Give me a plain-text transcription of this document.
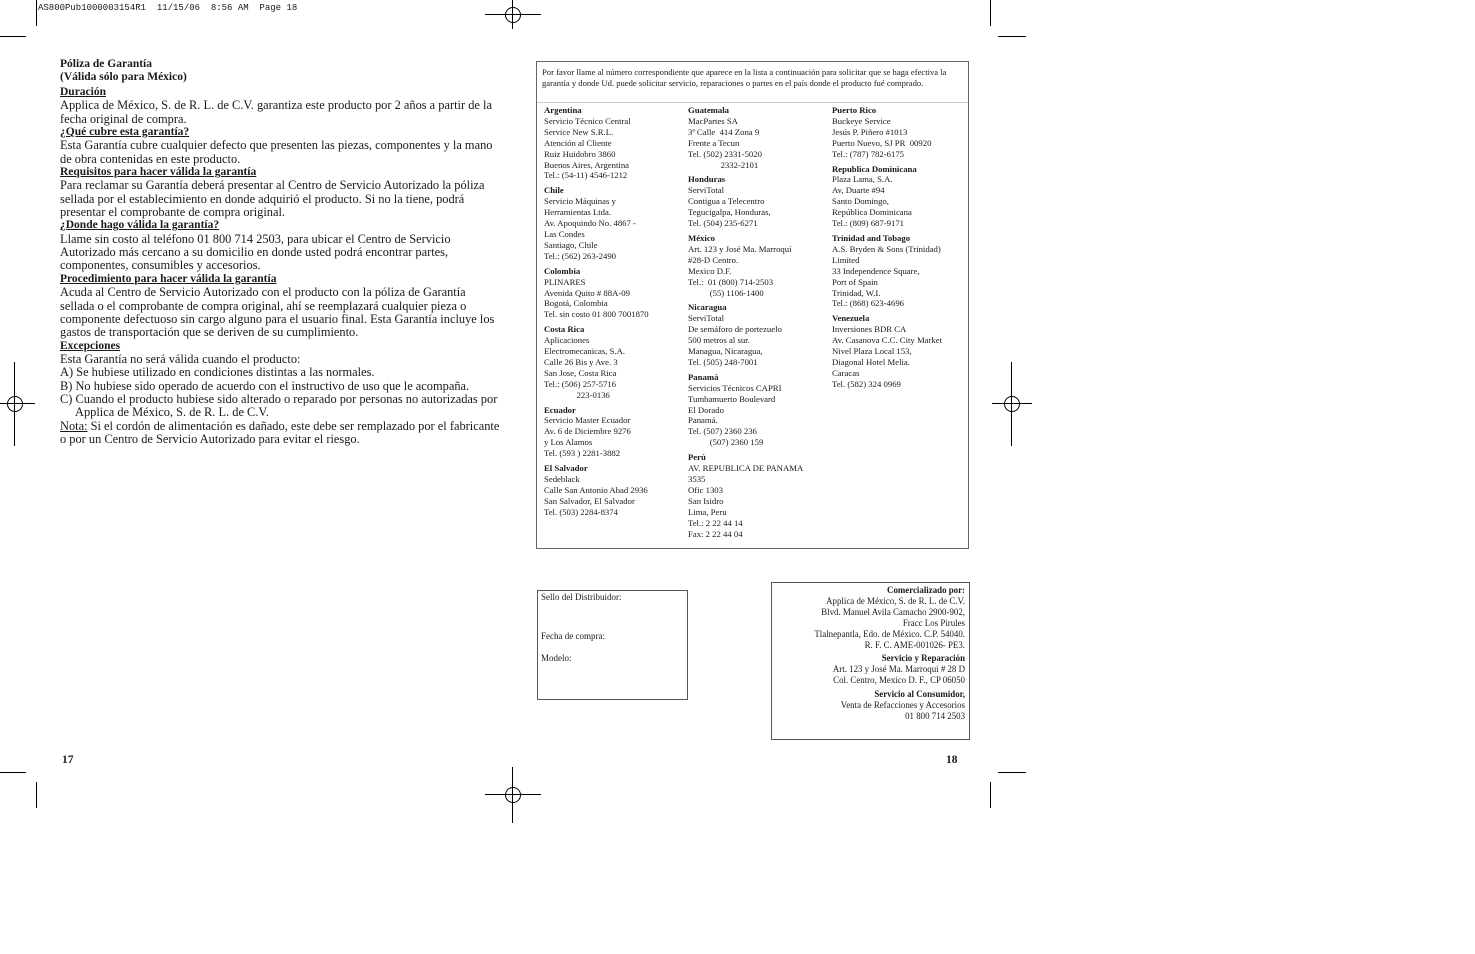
AS800Pub1000003154R1  11/15/06  8:56 AM  Page 18
Póliza de Garantía
(Válida sólo para México)
Duración

Applica de México, S. de R. L. de C.V. garantiza este producto por 2 años a partir de la fecha original de compra.

¿Qué cubre esta garantía?

Esta Garantía cubre cualquier defecto que presenten las piezas, componentes y la mano de obra contenidas en este producto.

Requisitos para hacer válida la garantía

Para reclamar su Garantía deberá presentar al Centro de Servicio Autorizado la póliza sellada por el establecimiento en donde adquirió el producto. Si no la tiene, podrá presentar el comprobante de compra original.

¿Donde hago válida la garantía?

Llame sin costo al teléfono 01 800 714 2503, para ubicar el Centro de Servicio Autorizado más cercano a su domicilio en donde usted podrá encontrar partes, componentes, consumibles y accesorios.

Procedimiento para hacer válida la garantía

Acuda al Centro de Servicio Autorizado con el producto con la póliza de Garantía sellada o el comprobante de compra original, ahí se reemplazará cualquier pieza o componente defectuoso sin cargo alguno para el usuario final. Esta Garantía incluye los gastos de transportación que se deriven de su cumplimiento.

Excepciones

Esta Garantía no será válida cuando el producto:

A) Se hubiese utilizado en condiciones distintas a las normales.
B) No hubiese sido operado de acuerdo con el instructivo de uso que le acompaña.
C) Cuando el producto hubiese sido alterado o reparado por personas no autorizadas por Applica de México, S. de R. L. de C.V.

Nota: Si el cordón de alimentación es dañado, este debe ser remplazado por el fabricante o por un Centro de Servicio Autorizado para evitar el riesgo.

Por favor llame al número correspondiente que aparece en la lista a continuación para solicitar que se haga efectiva la garantía y donde Ud. puede solicitar servicio, reparaciones o partes en el país donde el producto fué comprado.
Argentina
Servicio Técnico Central
Service New S.R.L.
Atención al Cliente
Ruiz Huidobro 3860
Buenos Aires, Argentina
Tel.: (54-11) 4546-1212
Chile
Servicio Máquinas y
Herramientas Ltda.
Av. Apoquindo No. 4867 -
Las Condes
Santiago, Chile
Tel.: (562) 263-2490
Colombia
PLINARES
Avenida Quito # 88A-09
Bogotá, Colombia
Tel. sin costo 01 800 7001870
Costa Rica
Aplicaciones
Electromecanicas, S.A.
Calle 26 Bis y Ave. 3
San Jose, Costa Rica
Tel.: (506) 257-5716
223-0136
Ecuador
Servicio Master Ecuador
Av. 6 de Diciembre 9276
y Los Alamos
Tel. (593 ) 2281-3882
El Salvador
Sedeblack
Calle San Antonio Abad 2936
San Salvador, El Salvador
Tel. (503) 2284-8374
Guatemala
MacPartes SA
3ª Calle  414 Zona 9
Frente a Tecun
Tel. (502) 2331-5020
2332-2101
Honduras
ServiTotal
Contigua a Telecentro
Tegucigalpa, Honduras,
Tel. (504) 235-6271
México
Art. 123 y José Ma. Marroquí
#28-D Centro.
Mexico D.F.
Tel.:  01 (800) 714-2503
(55) 1106-1400
Nicaragua
ServiTotal
De semáforo de portezuelo
500 metros al sur.
Managua, Nicaragua,
Tel. (505) 248-7001
Panamá
Servicios Técnicos CAPRI
Tumbamuerto Boulevard
El Dorado
Panamá.
Tel. (507) 2360 236
(507) 2360 159
Perú
AV. REPUBLICA DE PANAMA
3535
Ofic 1303
San Isidro
Lima, Peru
Tel.: 2 22 44 14
Fax: 2 22 44 04
Puerto Rico
Buckeye Service
Jesús P. Piñero #1013
Puerto Nuevo, SJ PR  00920
Tel.: (787) 782-6175
Republica Dominicana
Plaza Lama, S.A.
Av, Duarte #94
Santo Domingo,
República Dominicana
Tel.: (809) 687-9171
Trinidad and Tobago
A.S. Bryden & Sons (Trinidad)
Limited
33 Independence Square,
Port of Spain
Trinidad, W.I.
Tel.: (868) 623-4696
Venezuela
Inversiones BDR CA
Av. Casanova C.C. City Market
Nivel Plaza Local 153,
Diagonal Hotel Melia.
Caracas
Tel. (582) 324 0969
Sello del Distribuidor:
Fecha de compra:
Modelo:
Comercializado por:
Applica de México, S. de R. L. de C.V.
Blvd. Manuel Avila Camacho 2900-902,
Fracc Los Pirules
Tlalnepantla, Edo. de México. C.P. 54040.
R. F. C. AME-001026- PE3.
Servicio y Reparación
Art. 123 y José Ma. Marroquí # 28 D
Col. Centro, Mexico D. F., CP 06050
Servicio al Consumidor,
Venta de Refacciones y Accesorios
01 800 714 2503
17	18
